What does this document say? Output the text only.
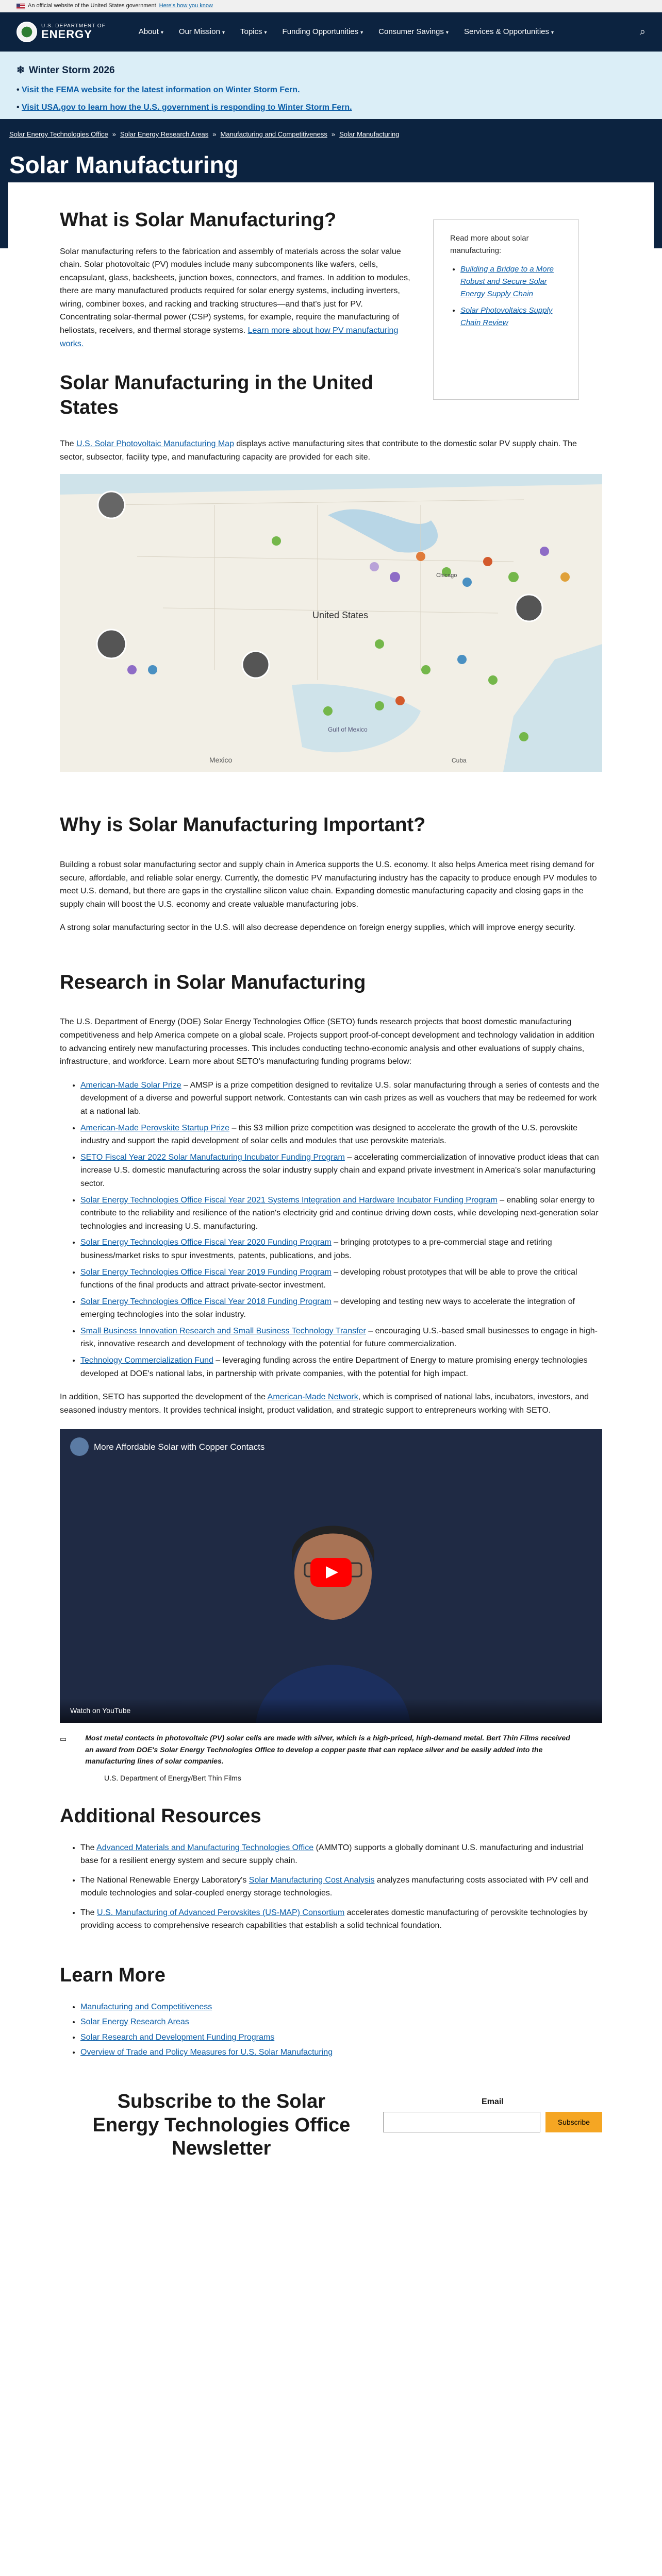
An official website of the United States government Here's how you know
U.S. DEPARTMENT OF
ENERGY	About ▾ Our Mission ▾ Topics ▾ Funding Opportunities ▾ Consumer Savings ▾ Services & Opportunities ▾	⌕
❄ Winter Storm 2026
• Visit the FEMA website for the latest information on Winter Storm Fern.
• Visit USA.gov to learn how the U.S. government is responding to Winter Storm Fern.
Solar Energy Technologies Office » Solar Energy Research Areas » Manufacturing and Competitiveness » Solar Manufacturing
Solar Manufacturing
What is Solar Manufacturing?

Solar manufacturing refers to the fabrication and assembly of materials across the solar value chain. Solar photovoltaic (PV) modules include many subcomponents like wafers, cells, encapsulant, glass, backsheets, junction boxes, connectors, and frames. In addition to modules, there are many manufactured products required for solar energy systems, including inverters, wiring, combiner boxes, and racking and tracking structures—and that's just for PV. Concentrating solar-thermal power (CSP) systems, for example, require the manufacturing of heliostats, receivers, and thermal storage systems. Learn more about how PV manufacturing works.

Solar Manufacturing in the United States

Read more about solar manufacturing:

• Building a Bridge to a More Robust and Secure Solar Energy Supply Chain
• Solar Photovoltaics Supply Chain Review

The U.S. Solar Photovoltaic Manufacturing Map displays active manufacturing sites that contribute to the domestic solar PV supply chain. The sector, subsector, facility type, and manufacturing capacity are provided for each site.

United States
Mexico
Gulf of Mexico
Chicago
Cuba
Why is Solar Manufacturing Important?

Building a robust solar manufacturing sector and supply chain in America supports the U.S. economy. It also helps America meet rising demand for secure, affordable, and reliable solar energy. Currently, the domestic PV manufacturing industry has the capacity to produce enough PV modules to meet U.S. demand, but there are gaps in the crystalline silicon value chain. Expanding domestic manufacturing capacity and closing gaps in the supply chain will boost the U.S. economy and create valuable manufacturing jobs.

A strong solar manufacturing sector in the U.S. will also decrease dependence on foreign energy supplies, which will improve energy security.

Research in Solar Manufacturing

The U.S. Department of Energy (DOE) Solar Energy Technologies Office (SETO) funds research projects that boost domestic manufacturing competitiveness and help America compete on a global scale. Projects support proof-of-concept development and technology validation in addition to advancing entirely new manufacturing processes. This includes conducting techno-economic analysis and other evaluations of supply chains, infrastructure, and workforce. Learn more about SETO's manufacturing funding programs below:

• American-Made Solar Prize – AMSP is a prize competition designed to revitalize U.S. solar manufacturing through a series of contests and the development of a diverse and powerful support network. Contestants can win cash prizes as well as vouchers that may be redeemed for work at a national lab.
• American-Made Perovskite Startup Prize – this $3 million prize competition was designed to accelerate the growth of the U.S. perovskite industry and support the rapid development of solar cells and modules that use perovskite materials.
• SETO Fiscal Year 2022 Solar Manufacturing Incubator Funding Program – accelerating commercialization of innovative product ideas that can increase U.S. domestic manufacturing across the solar industry supply chain and expand private investment in America's solar manufacturing sector.
• Solar Energy Technologies Office Fiscal Year 2021 Systems Integration and Hardware Incubator Funding Program – enabling solar energy to contribute to the reliability and resilience of the nation's electricity grid and continue driving down costs, while developing next-generation solar technologies and increasing U.S. manufacturing.
• Solar Energy Technologies Office Fiscal Year 2020 Funding Program – bringing prototypes to a pre-commercial stage and retiring business/market risks to spur investments, patents, publications, and jobs.
• Solar Energy Technologies Office Fiscal Year 2019 Funding Program – developing robust prototypes that will be able to prove the critical functions of the final products and attract private-sector investment.
• Solar Energy Technologies Office Fiscal Year 2018 Funding Program – developing and testing new ways to accelerate the integration of emerging technologies into the solar industry.
• Small Business Innovation Research and Small Business Technology Transfer – encouraging U.S.-based small businesses to engage in high-risk, innovative research and development of technology with the potential for future commercialization.
• Technology Commercialization Fund – leveraging funding across the entire Department of Energy to mature promising energy technologies developed at DOE's national labs, in partnership with private companies, with the potential for high impact.

In addition, SETO has supported the development of the American-Made Network, which is comprised of national labs, incubators, investors, and seasoned industry mentors. It provides technical insight, product validation, and strategic support to entrepreneurs working with SETO.

More Affordable Solar with Copper Contacts
Watch on YouTube
▭	Most metal contacts in photovoltaic (PV) solar cells are made with silver, which is a high-priced, high-demand metal. Bert Thin Films received an award from DOE's Solar Energy Technologies Office to develop a copper paste that can replace silver and be easily added into the manufacturing lines of solar companies.

U.S. Department of Energy/Bert Thin Films

Additional Resources
• The Advanced Materials and Manufacturing Technologies Office (AMMTO) supports a globally dominant U.S. manufacturing and industrial base for a resilient energy system and secure supply chain.
• The National Renewable Energy Laboratory's Solar Manufacturing Cost Analysis analyzes manufacturing costs associated with PV cell and module technologies and solar-coupled energy storage technologies.
• The U.S. Manufacturing of Advanced Perovskites (US-MAP) Consortium accelerates domestic manufacturing of perovskite technologies by providing access to comprehensive research capabilities that establish a solid technical foundation.
Learn More
• Manufacturing and Competitiveness
• Solar Energy Research Areas
• Solar Research and Development Funding Programs
• Overview of Trade and Policy Measures for U.S. Solar Manufacturing
Subscribe to the Solar Energy Technologies Office Newsletter
Email
Subscribe
